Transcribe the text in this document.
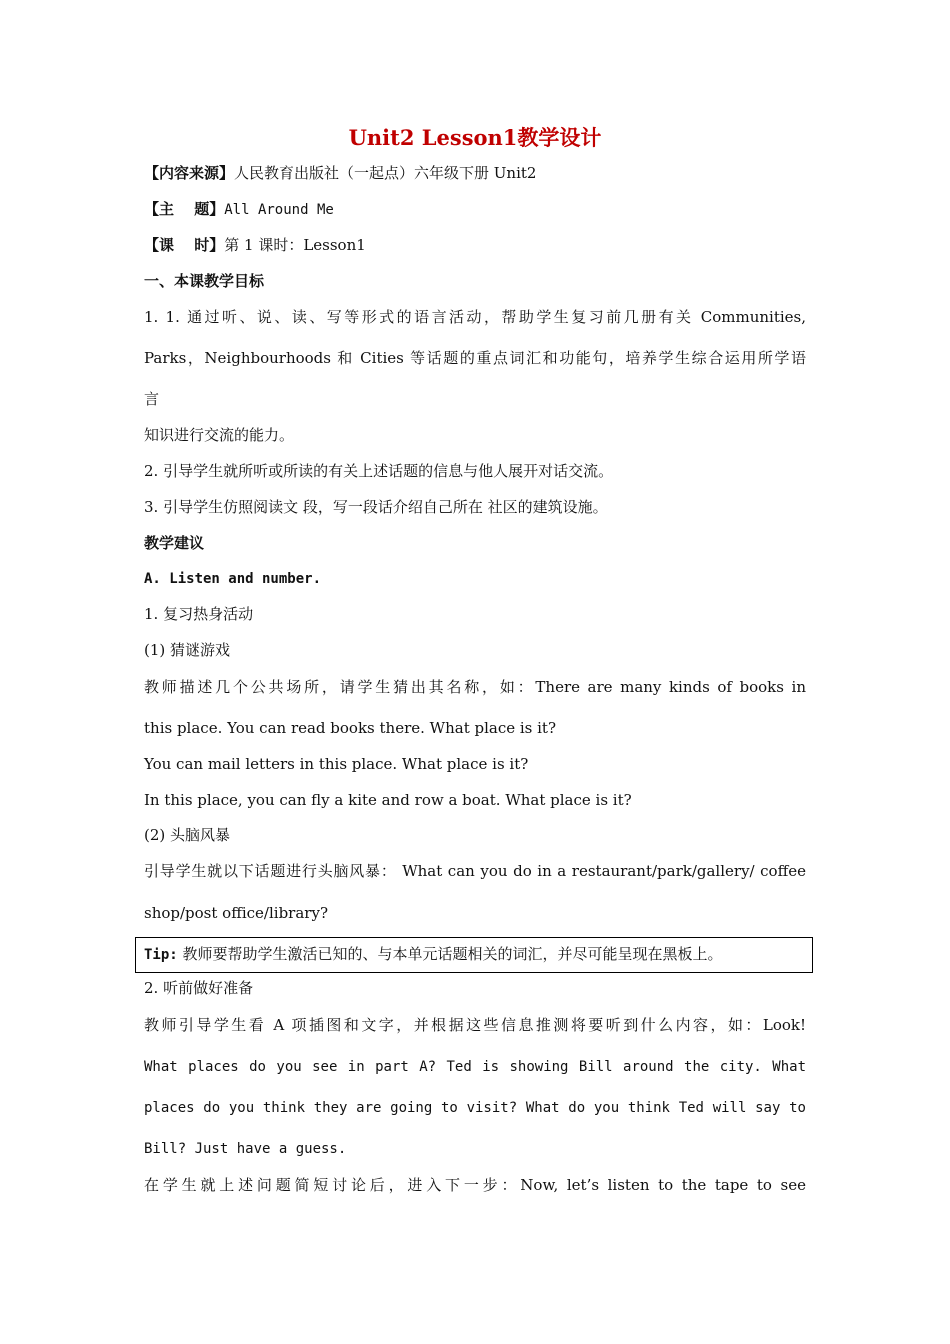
Unit2 Lesson1教学设计
【内容来源】人民教育出版社（一起点）六年级下册 Unit2
【主　 题】All Around Me
【课　 时】第 1 课时：Lesson1
一、本课教学目标
1. 1. 通过听、说、读、写等形式的语言活动，帮助学生复习前几册有关 Communities,
Parks，Neighbourhoods 和 Cities 等话题的重点词汇和功能句，培养学生综合运用所学语
言
知识进行交流的能力。
2. 引导学生就所听或所读的有关上述话题的信息与他人展开对话交流。
3. 引导学生仿照阅读文 段，写一段话介绍自己所在 社区的建筑设施。
教学建议
A. Listen and number.
1. 复习热身活动
(1) 猜谜游戏
教师描述几个公共场所，请学生猜出其名称，如：There are many kinds of books in
this place. You can read books there. What place is it?
You can mail letters in this place. What place is it?
In this place, you can fly a kite and row a boat. What place is it?
(2) 头脑风暴
引导学生就以下话题进行头脑风暴： What can you do in a restaurant/park/gallery/ coffee
shop/post office/library?
Tip: 教师要帮助学生激活已知的、与本单元话题相关的词汇，并尽可能呈现在黑板上。
2. 听前做好准备
教师引导学生看 A 项插图和文字，并根据这些信息推测将要听到什么内容，如：Look!
What places do you see in part A? Ted is showing Bill around the city. What
places do you think they are going to visit? What do you think Ted will say to
Bill? Just have a guess.
在学生就上述问题简短讨论后，进入下一步：Now, let’s listen to the tape to see
